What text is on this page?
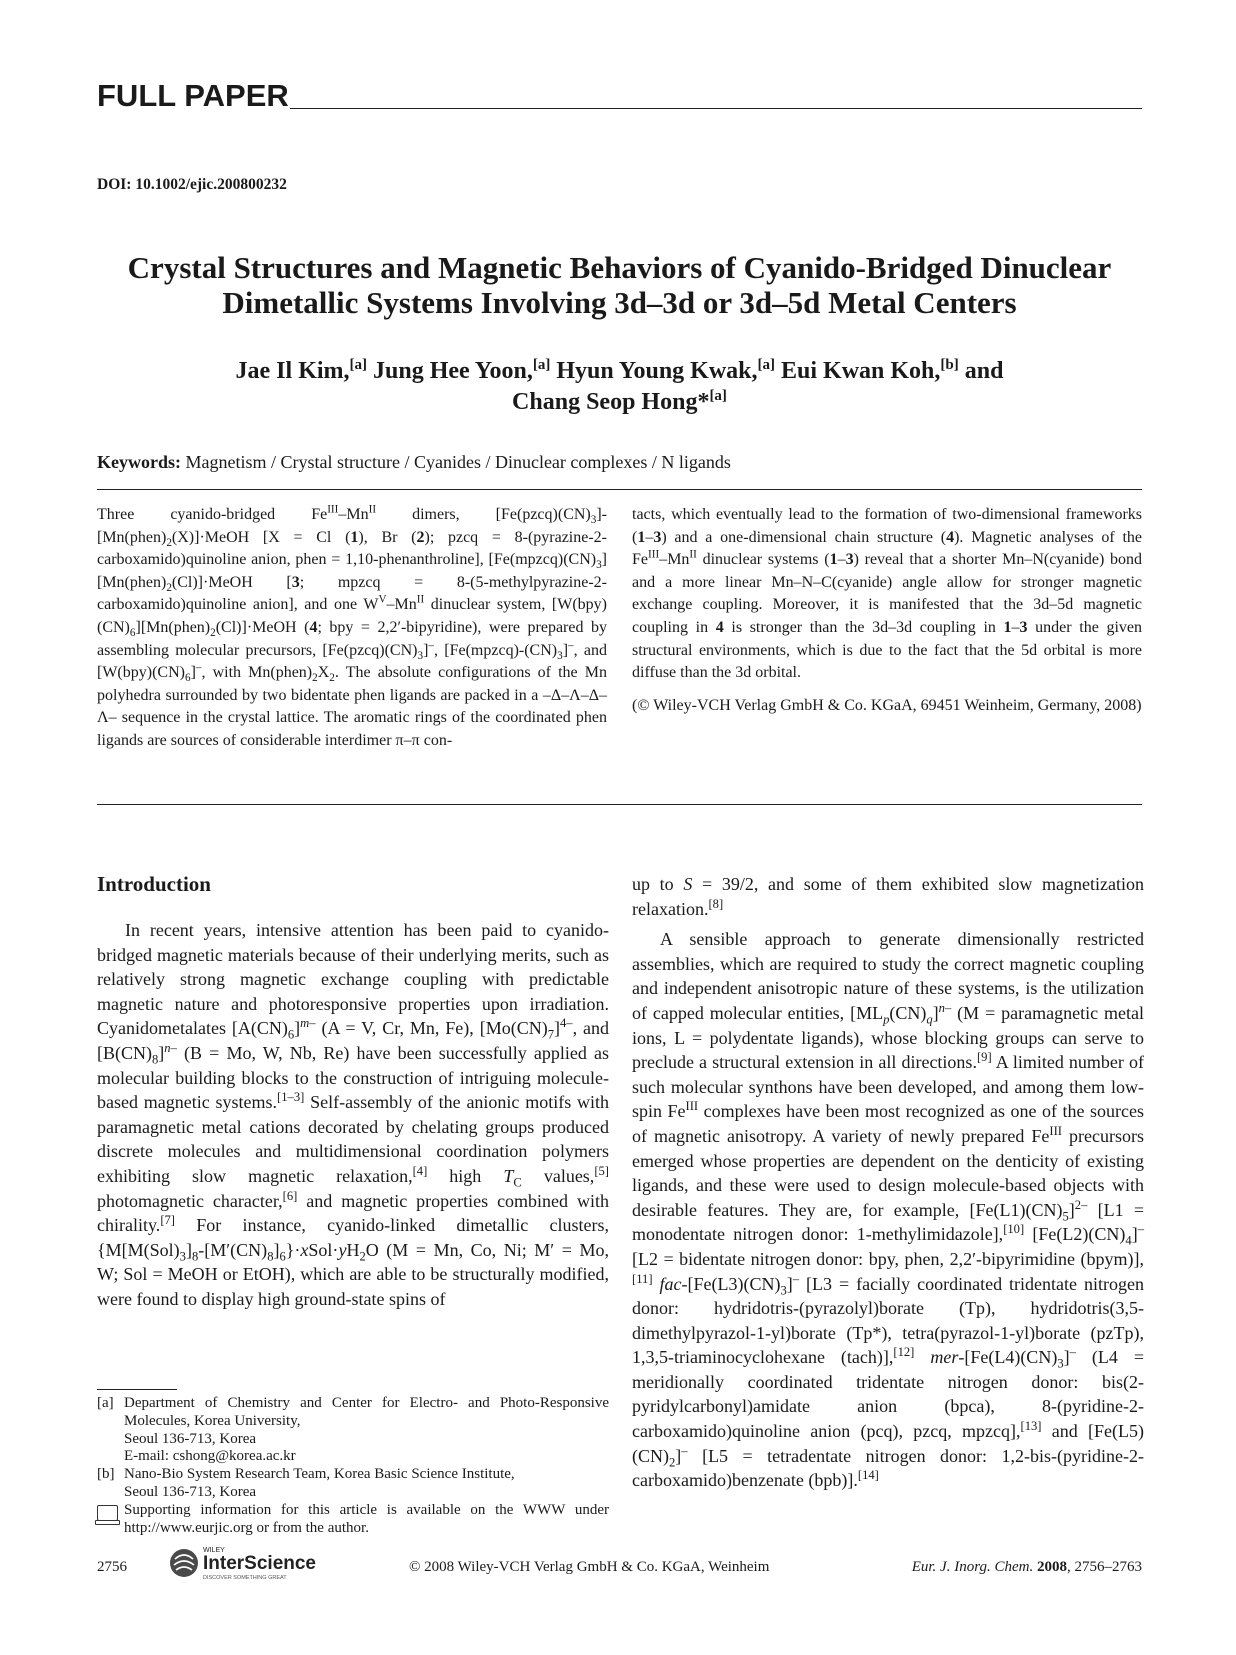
FULL PAPER
DOI: 10.1002/ejic.200800232
Crystal Structures and Magnetic Behaviors of Cyanido-Bridged Dinuclear
Dimetallic Systems Involving 3d–3d or 3d–5d Metal Centers
Jae Il Kim,[a] Jung Hee Yoon,[a] Hyun Young Kwak,[a] Eui Kwan Koh,[b] and
Chang Seop Hong*[a]
Keywords: Magnetism / Crystal structure / Cyanides / Dinuclear complexes / N ligands

Three cyanido-bridged $Fe^{III}-Mn^{II}$ dimers, $[Fe(pzcq)(CN)_3]-[Mn(phen)_2(X)]\cdot MeOH$ [X = Cl (1), Br (2); pzcq = 8-(pyrazine-2-carboxamido)quinoline anion, phen = 1,10-phenanthroline], $[Fe(mpzcq)(CN)_3][Mn(phen)_2(Cl)]\cdot MeOH$ [3; mpzcq = 8-(5-methylpyrazine-2-carboxamido)quinoline anion], and one $W^V-Mn^{II}$ dinuclear system, $[W(bpy)(CN)_6][Mn(phen)_2(Cl)]\cdot MeOH$ (4; bpy = 2,2′-bipyridine), were prepared by assembling molecular precursors, $[Fe(pzcq)(CN)_3]^-$, $[Fe(mpzcq)-(CN)_3]^-$, and $[W(bpy)(CN)_6]^-$, with $Mn(phen)_2X_2$. The absolute configurations of the Mn polyhedra surrounded by two bidentate phen ligands are packed in a –Δ–Λ–Δ–Λ– sequence in the crystal lattice. The aromatic rings of the coordinated phen ligands are sources of considerable interdimer π–π con-

tacts, which eventually lead to the formation of two-dimensional frameworks (1–3) and a one-dimensional chain structure (4). Magnetic analyses of the $Fe^{III}-Mn^{II}$ dinuclear systems (1–3) reveal that a shorter Mn–N(cyanide) bond and a more linear Mn–N–C(cyanide) angle allow for stronger magnetic exchange coupling. Moreover, it is manifested that the 3d–5d magnetic coupling in 4 is stronger than the 3d–3d coupling in 1–3 under the given structural environments, which is due to the fact that the 5d orbital is more diffuse than the 3d orbital.

(© Wiley-VCH Verlag GmbH & Co. KGaA, 69451 Weinheim, Germany, 2008)

Introduction

In recent years, intensive attention has been paid to cyanido-bridged magnetic materials because of their underlying merits, such as relatively strong magnetic exchange coupling with predictable magnetic nature and photoresponsive properties upon irradiation. Cyanidometalates $[A(CN)_6]^{m-}$ (A = V, Cr, Mn, Fe), $[Mo(CN)_7]^{4-}$, and $[B(CN)_8]^{n-}$ (B = Mo, W, Nb, Re) have been successfully applied as molecular building blocks to the construction of intriguing molecule-based magnetic systems.[1–3] Self-assembly of the anionic motifs with paramagnetic metal cations decorated by chelating groups produced discrete molecules and multidimensional coordination polymers exhibiting slow magnetic relaxation,[4] high $T_C$ values,[5] photomagnetic character,[6] and magnetic properties combined with chirality.[7] For instance, cyanido-linked dimetallic clusters, $\{M[M(Sol)_3]_8-[M'(CN)_8]_6\}\cdot xSol\cdot yH_2O$ (M = Mn, Co, Ni; M′ = Mo, W; Sol = MeOH or EtOH), which are able to be structurally modified, were found to display high ground-state spins of

up to S = 39/2, and some of them exhibited slow magnetization relaxation.[8]

A sensible approach to generate dimensionally restricted assemblies, which are required to study the correct magnetic coupling and independent anisotropic nature of these systems, is the utilization of capped molecular entities, $[ML_p(CN)_q]^{n-}$ (M = paramagnetic metal ions, L = polydentate ligands), whose blocking groups can serve to preclude a structural extension in all directions.[9] A limited number of such molecular synthons have been developed, and among them low-spin $Fe^{III}$ complexes have been most recognized as one of the sources of magnetic anisotropy. A variety of newly prepared $Fe^{III}$ precursors emerged whose properties are dependent on the denticity of existing ligands, and these were used to design molecule-based objects with desirable features. They are, for example, $[Fe(L1)(CN)_5]^{2-}$ [L1 = monodentate nitrogen donor: 1-methylimidazole],[10] $[Fe(L2)(CN)_4]^-$ [L2 = bidentate nitrogen donor: bpy, phen, 2,2′-bipyrimidine (bpym)],[11] fac-$[Fe(L3)(CN)_3]^-$ [L3 = facially coordinated tridentate nitrogen donor: hydridotris-(pyrazolyl)borate (Tp), hydridotris(3,5-dimethylpyrazol-1-yl)borate (Tp*), tetra(pyrazol-1-yl)borate (pzTp), 1,3,5-triaminocyclohexane (tach)],[12] mer-$[Fe(L4)(CN)_3]^-$ (L4 = meridionally coordinated tridentate nitrogen donor: bis(2-pyridylcarbonyl)amidate anion (bpca), 8-(pyridine-2-carboxamido)quinoline anion (pcq), pzcq, mpzcq],[13] and $[Fe(L5)(CN)_2]^-$ [L5 = tetradentate nitrogen donor: 1,2-bis-(pyridine-2-carboxamido)benzenate (bpb)].[14]

[a] Department of Chemistry and Center for Electro- and Photo-Responsive Molecules, Korea University,
Seoul 136-713, Korea
E-mail: cshong@korea.ac.kr
[b] Nano-Bio System Research Team, Korea Basic Science Institute,
Seoul 136-713, Korea
Supporting information for this article is available on the WWW under http://www.eurjic.org or from the author.
2756
WILEY
InterScience
DISCOVER SOMETHING GREAT
© 2008 Wiley-VCH Verlag GmbH & Co. KGaA, Weinheim	Eur. J. Inorg. Chem. 2008, 2756–2763
